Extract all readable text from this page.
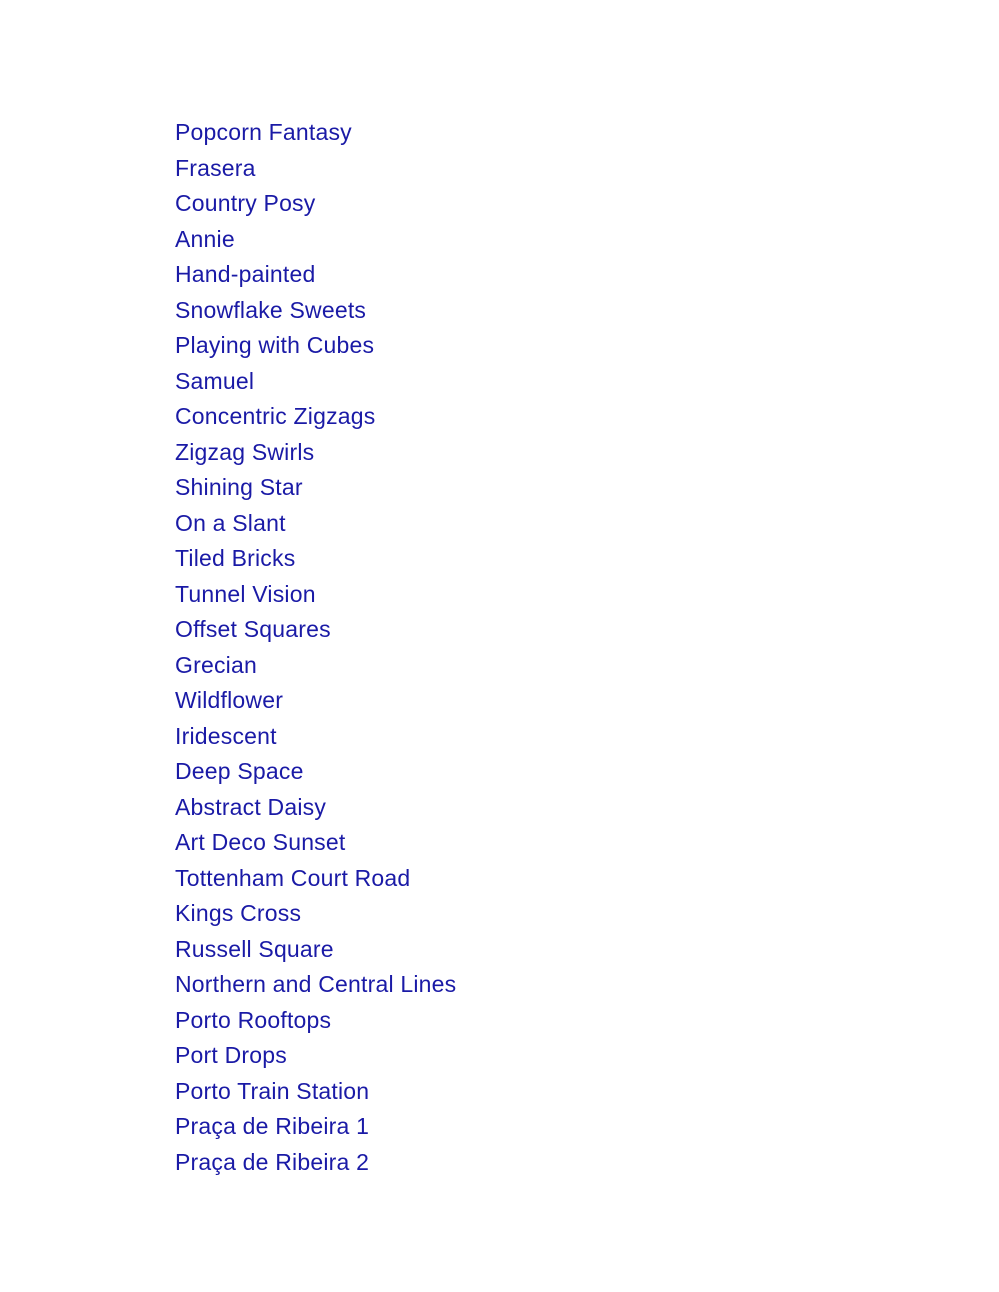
Popcorn Fantasy
Frasera
Country Posy
Annie
Hand-painted
Snowflake Sweets
Playing with Cubes
Samuel
Concentric Zigzags
Zigzag Swirls
Shining Star
On a Slant
Tiled Bricks
Tunnel Vision
Offset Squares
Grecian
Wildflower
Iridescent
Deep Space
Abstract Daisy
Art Deco Sunset
Tottenham Court Road
Kings Cross
Russell Square
Northern and Central Lines
Porto Rooftops
Port Drops
Porto Train Station
Praça de Ribeira 1
Praça de Ribeira 2
